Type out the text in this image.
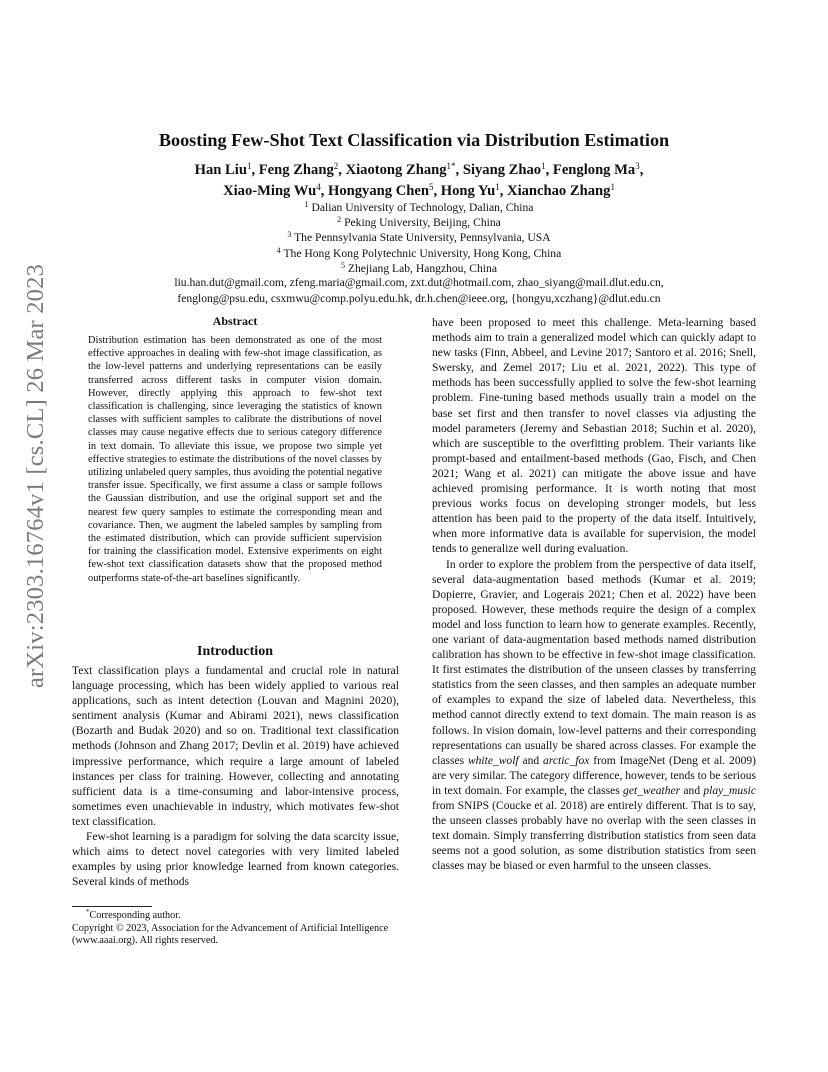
arXiv:2303.16764v1 [cs.CL] 26 Mar 2023
Boosting Few-Shot Text Classification via Distribution Estimation
Han Liu$^1$, Feng Zhang$^2$, Xiaotong Zhang$^{1*}$, Siyang Zhao$^1$, Fenglong Ma$^3$,
Xiao-Ming Wu$^4$, Hongyang Chen$^5$, Hong Yu$^1$, Xianchao Zhang$^1$
$^1$ Dalian University of Technology, Dalian, China
$^2$ Peking University, Beijing, China
$^3$ The Pennsylvania State University, Pennsylvania, USA
$^4$ The Hong Kong Polytechnic University, Hong Kong, China
$^5$ Zhejiang Lab, Hangzhou, China
liu.han.dut@gmail.com, zfeng.maria@gmail.com, zxt.dut@hotmail.com, zhao_siyang@mail.dlut.edu.cn,
fenglong@psu.edu, csxmwu@comp.polyu.edu.hk, dr.h.chen@ieee.org, {hongyu,xczhang}@dlut.edu.cn
Abstract
Distribution estimation has been demonstrated as one of the most effective approaches in dealing with few-shot image classification, as the low-level patterns and underlying representations can be easily transferred across different tasks in computer vision domain. However, directly applying this approach to few-shot text classification is challenging, since leveraging the statistics of known classes with sufficient samples to calibrate the distributions of novel classes may cause negative effects due to serious category difference in text domain. To alleviate this issue, we propose two simple yet effective strategies to estimate the distributions of the novel classes by utilizing unlabeled query samples, thus avoiding the potential negative transfer issue. Specifically, we first assume a class or sample follows the Gaussian distribution, and use the original support set and the nearest few query samples to estimate the corresponding mean and covariance. Then, we augment the labeled samples by sampling from the estimated distribution, which can provide sufficient supervision for training the classification model. Extensive experiments on eight few-shot text classification datasets show that the proposed method outperforms state-of-the-art baselines significantly.
Introduction

Text classification plays a fundamental and crucial role in natural language processing, which has been widely applied to various real applications, such as intent detection (Louvan and Magnini 2020), sentiment analysis (Kumar and Abirami 2021), news classification (Bozarth and Budak 2020) and so on. Traditional text classification methods (Johnson and Zhang 2017; Devlin et al. 2019) have achieved impressive performance, which require a large amount of labeled instances per class for training. However, collecting and annotating sufficient data is a time-consuming and labor-intensive process, sometimes even unachievable in industry, which motivates few-shot text classification.

Few-shot learning is a paradigm for solving the data scarcity issue, which aims to detect novel categories with very limited labeled examples by using prior knowledge learned from known categories. Several kinds of methods

*Corresponding author.
Copyright © 2023, Association for the Advancement of Artificial Intelligence (www.aaai.org). All rights reserved.

have been proposed to meet this challenge. Meta-learning based methods aim to train a generalized model which can quickly adapt to new tasks (Finn, Abbeel, and Levine 2017; Santoro et al. 2016; Snell, Swersky, and Zemel 2017; Liu et al. 2021, 2022). This type of methods has been successfully applied to solve the few-shot learning problem. Fine-tuning based methods usually train a model on the base set first and then transfer to novel classes via adjusting the model parameters (Jeremy and Sebastian 2018; Suchin et al. 2020), which are susceptible to the overfitting problem. Their variants like prompt-based and entailment-based methods (Gao, Fisch, and Chen 2021; Wang et al. 2021) can mitigate the above issue and have achieved promising performance. It is worth noting that most previous works focus on developing stronger models, but less attention has been paid to the property of the data itself. Intuitively, when more informative data is available for supervision, the model tends to generalize well during evaluation.

In order to explore the problem from the perspective of data itself, several data-augmentation based methods (Kumar et al. 2019; Dopierre, Gravier, and Logerais 2021; Chen et al. 2022) have been proposed. However, these methods require the design of a complex model and loss function to learn how to generate examples. Recently, one variant of data-augmentation based methods named distribution calibration has shown to be effective in few-shot image classification. It first estimates the distribution of the unseen classes by transferring statistics from the seen classes, and then samples an adequate number of examples to expand the size of labeled data. Nevertheless, this method cannot directly extend to text domain. The main reason is as follows. In vision domain, low-level patterns and their corresponding representations can usually be shared across classes. For example the classes white_wolf and arctic_fox from ImageNet (Deng et al. 2009) are very similar. The category difference, however, tends to be serious in text domain. For example, the classes get_weather and play_music from SNIPS (Coucke et al. 2018) are entirely different. That is to say, the unseen classes probably have no overlap with the seen classes in text domain. Simply transferring distribution statistics from seen data seems not a good solution, as some distribution statistics from seen classes may be biased or even harmful to the unseen classes.
